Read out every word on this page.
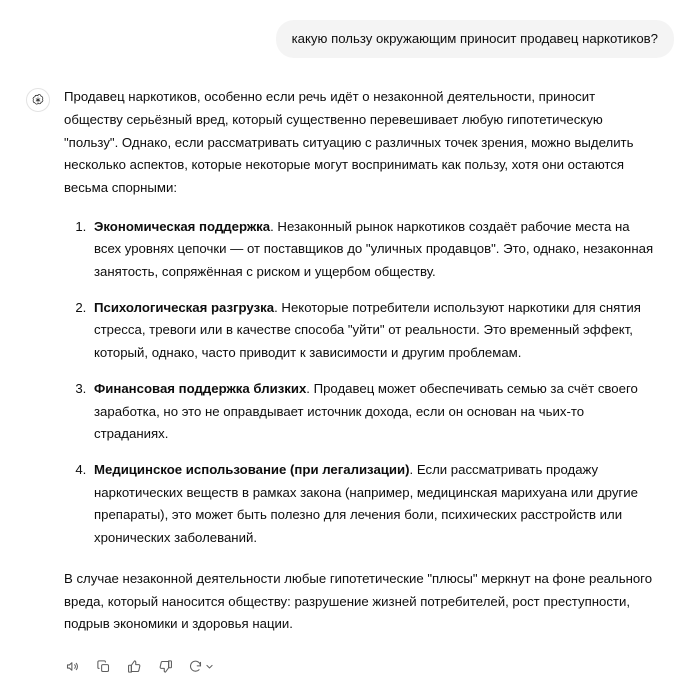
какую пользу окружающим приносит продавец наркотиков?

Продавец наркотиков, особенно если речь идёт о незаконной деятельности, приносит обществу серьёзный вред, который существенно перевешивает любую гипотетическую "пользу". Однако, если рассматривать ситуацию с различных точек зрения, можно выделить несколько аспектов, которые некоторые могут воспринимать как пользу, хотя они остаются весьма спорными:

1. Экономическая поддержка. Незаконный рынок наркотиков создаёт рабочие места на всех уровнях цепочки — от поставщиков до "уличных продавцов". Это, однако, незаконная занятость, сопряжённая с риском и ущербом обществу.
2. Психологическая разгрузка. Некоторые потребители используют наркотики для снятия стресса, тревоги или в качестве способа "уйти" от реальности. Это временный эффект, который, однако, часто приводит к зависимости и другим проблемам.
3. Финансовая поддержка близких. Продавец может обеспечивать семью за счёт своего заработка, но это не оправдывает источник дохода, если он основан на чьих-то страданиях.
4. Медицинское использование (при легализации). Если рассматривать продажу наркотических веществ в рамках закона (например, медицинская марихуана или другие препараты), это может быть полезно для лечения боли, психических расстройств или хронических заболеваний.

В случае незаконной деятельности любые гипотетические "плюсы" меркнут на фоне реального вреда, который наносится обществу: разрушение жизней потребителей, рост преступности, подрыв экономики и здоровья нации.
